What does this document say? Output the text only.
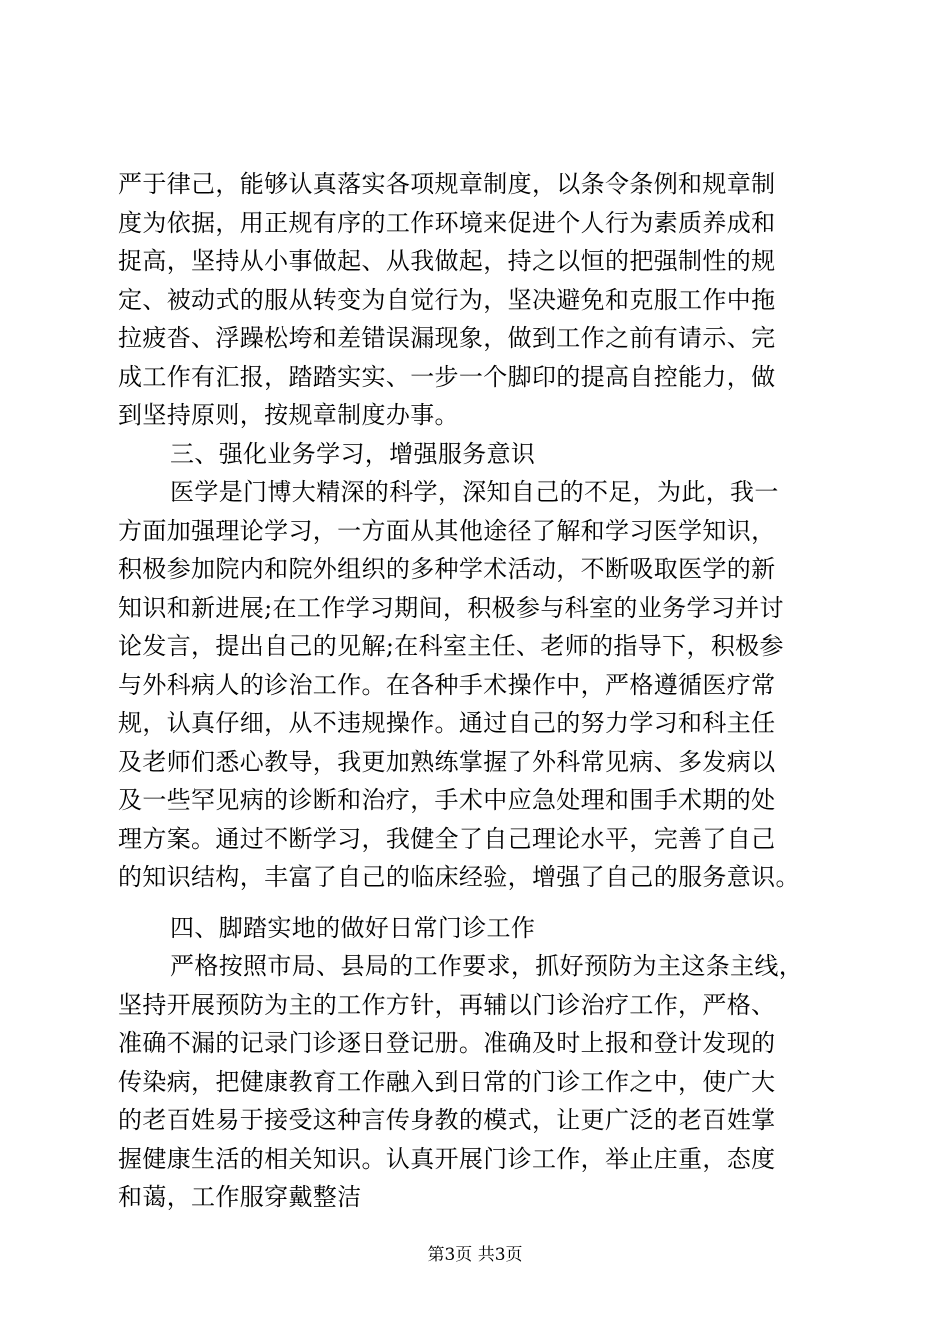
严于律己，能够认真落实各项规章制度，以条令条例和规章制
度为依据，用正规有序的工作环境来促进个人行为素质养成和
捉高，坚持从小事做起、从我做起，持之以恒的把强制性的规
定、被动式的服从转变为自觉行为，坚决避免和克服工作中拖
拉疲沓、浮躁松垮和差错误漏现象，做到工作之前有请示、完
成工作有汇报，踏踏实实、一步一个脚印的提高自控能力，做
到坚持原则，按规章制度办事。
三、强化业务学习，增强服务意识
医学是门博大精深的科学，深知自己的不足，为此，我一
方面加强理论学习，一方面从其他途径了解和学习医学知识，
积极参加院内和院外组织的多种学术活动，不断吸取医学的新
知识和新进展;在工作学习期间，积极参与科室的业务学习并讨
论发言，提出自己的见解;在科室主任、老师的指导下，积极参
与外科病人的诊治工作。在各种手术操作中，严格遵循医疗常
规，认真仔细，从不违规操作。通过自己的努力学习和科主任
及老师们悉心教导，我更加熟练掌握了外科常见病、多发病以
及一些罕见病的诊断和治疗，手术中应急处理和围手术期的处
理方案。通过不断学习，我健全了自己理论水平，完善了自己
的知识结构，丰富了自己的临床经验，增强了自己的服务意识。
四、脚踏实地的做好日常门诊工作
严格按照市局、县局的工作要求，抓好预防为主这条主线，
坚持开展预防为主的工作方针，再辅以门诊治疗工作，严格、
准确不漏的记录门诊逐日登记册。准确及时上报和登计发现的
传染病，把健康教育工作融入到日常的门诊工作之中，使广大
的老百姓易于接受这种言传身教的模式，让更广泛的老百姓掌
握健康生活的相关知识。认真开展门诊工作，举止庄重，态度
和蔼，工作服穿戴整洁
第3页 共3页
